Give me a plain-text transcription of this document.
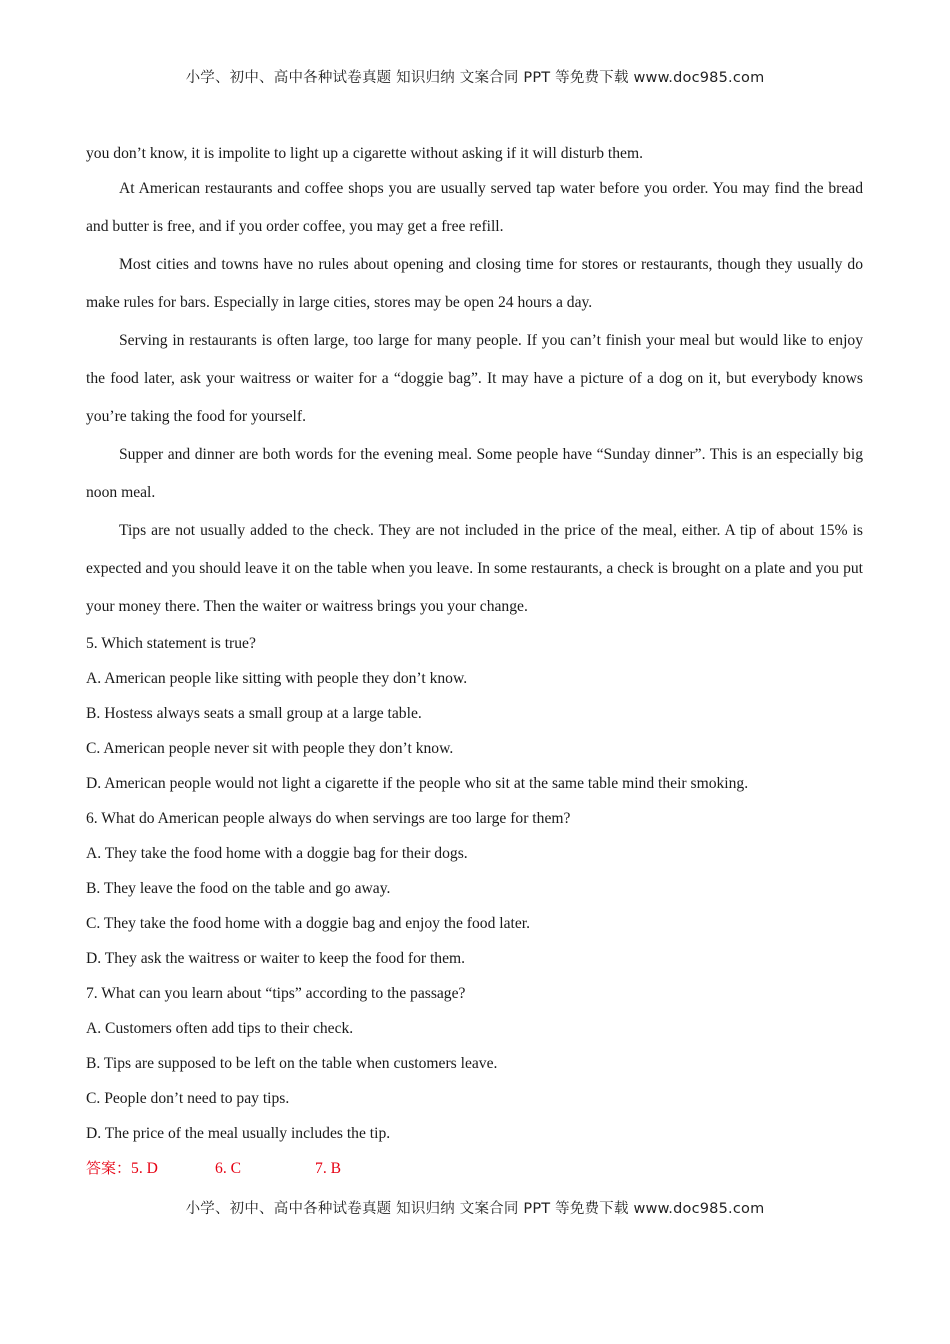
小学、初中、高中各种试卷真题 知识归纳 文案合同 PPT 等免费下载 www.doc985.com

you don’t know, it is impolite to light up a cigarette without asking if it will disturb them.

At American restaurants and coffee shops you are usually served tap water before you order. You may find the bread and butter is free, and if you order coffee, you may get a free refill.

Most cities and towns have no rules about opening and closing time for stores or restaurants, though they usually do make rules for bars. Especially in large cities, stores may be open 24 hours a day.

Serving in restaurants is often large, too large for many people. If you can’t finish your meal but would like to enjoy the food later, ask your waitress or waiter for a “doggie bag”. It may have a picture of a dog on it, but everybody knows you’re taking the food for yourself.

Supper and dinner are both words for the evening meal. Some people have “Sunday dinner”. This is an especially big noon meal.

Tips are not usually added to the check. They are not included in the price of the meal, either. A tip of about 15% is expected and you should leave it on the table when you leave. In some restaurants, a check is brought on a plate and you put your money there. Then the waiter or waitress brings you your change.

5. Which statement is true?

A. American people like sitting with people they don’t know.

B. Hostess always seats a small group at a large table.

C. American people never sit with people they don’t know.

D. American people would not light a cigarette if the people who sit at the same table mind their smoking.

6. What do American people always do when servings are too large for them?

A. They take the food home with a doggie bag for their dogs.

B. They leave the food on the table and go away.

C. They take the food home with a doggie bag and enjoy the food later.

D. They ask the waitress or waiter to keep the food for them.

7. What can you learn about “tips” according to the passage?

A. Customers often add tips to their check.

B. Tips are supposed to be left on the table when customers leave.

C. People don’t need to pay tips.

D. The price of the meal usually includes the tip.

答案：5. D	6. C	7. B

小学、初中、高中各种试卷真题 知识归纳 文案合同 PPT 等免费下载 www.doc985.com
